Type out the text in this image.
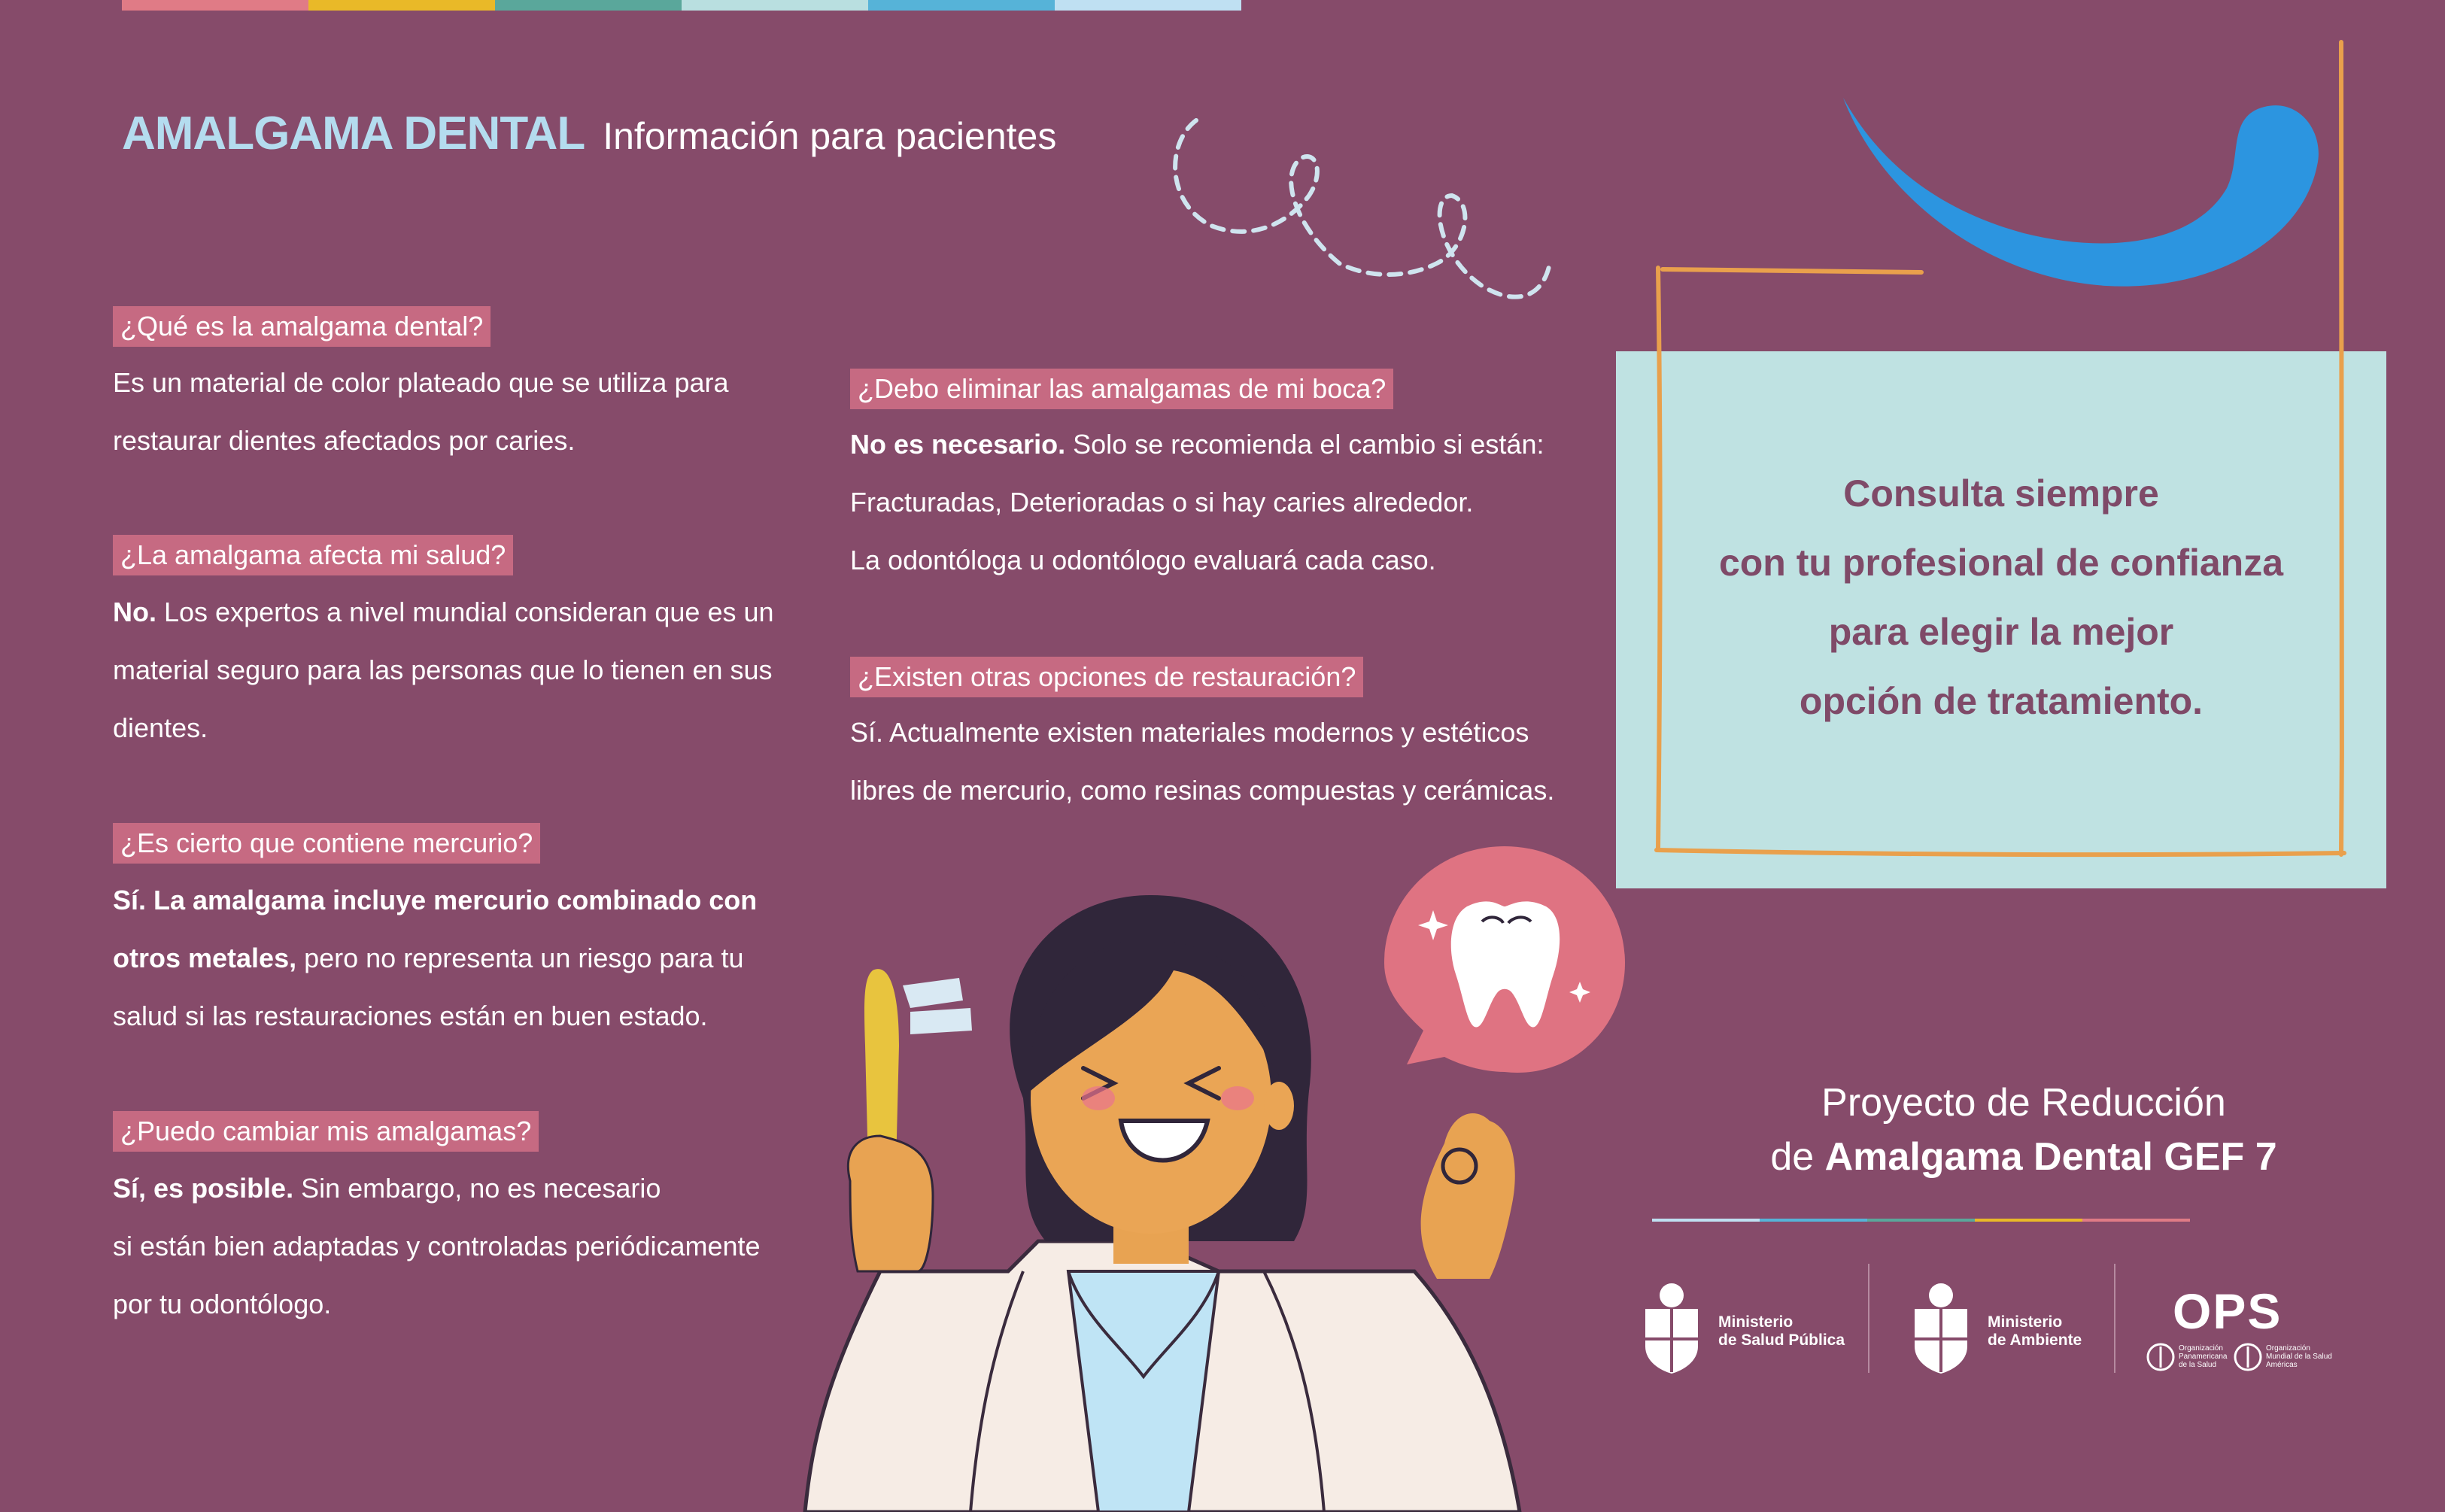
AMALGAMA DENTAL Información para pacientes
¿Qué es la amalgama dental?
Es un material de color plateado que se utiliza para
restaurar dientes afectados por caries.
¿La amalgama afecta mi salud?
No. Los expertos a nivel mundial consideran que es un
material seguro para las personas que lo tienen en sus
dientes.
¿Es cierto que contiene mercurio?
Sí. La amalgama incluye mercurio combinado con
otros metales, pero no representa un riesgo para tu
salud si las restauraciones están en buen estado.
¿Puedo cambiar mis amalgamas?
Sí, es posible. Sin embargo, no es necesario
si están bien adaptadas y controladas periódicamente
por tu odontólogo.
¿Debo eliminar las amalgamas de mi boca?
No es necesario. Solo se recomienda el cambio si están:
Fracturadas, Deterioradas o si hay caries alrededor.
La odontóloga u odontólogo evaluará cada caso.
¿Existen otras opciones de restauración?
Sí. Actualmente existen materiales modernos y estéticos
libres de mercurio, como resinas compuestas y cerámicas.
Consulta siempre
con tu profesional de confianza
para elegir la mejor
opción de tratamiento.
Proyecto de Reducción
de Amalgama Dental GEF 7
Ministerio
de Salud Pública
Ministerio
de Ambiente
OPS
Organización
Panamericana
de la Salud
Organización
Mundial de la Salud
Américas
